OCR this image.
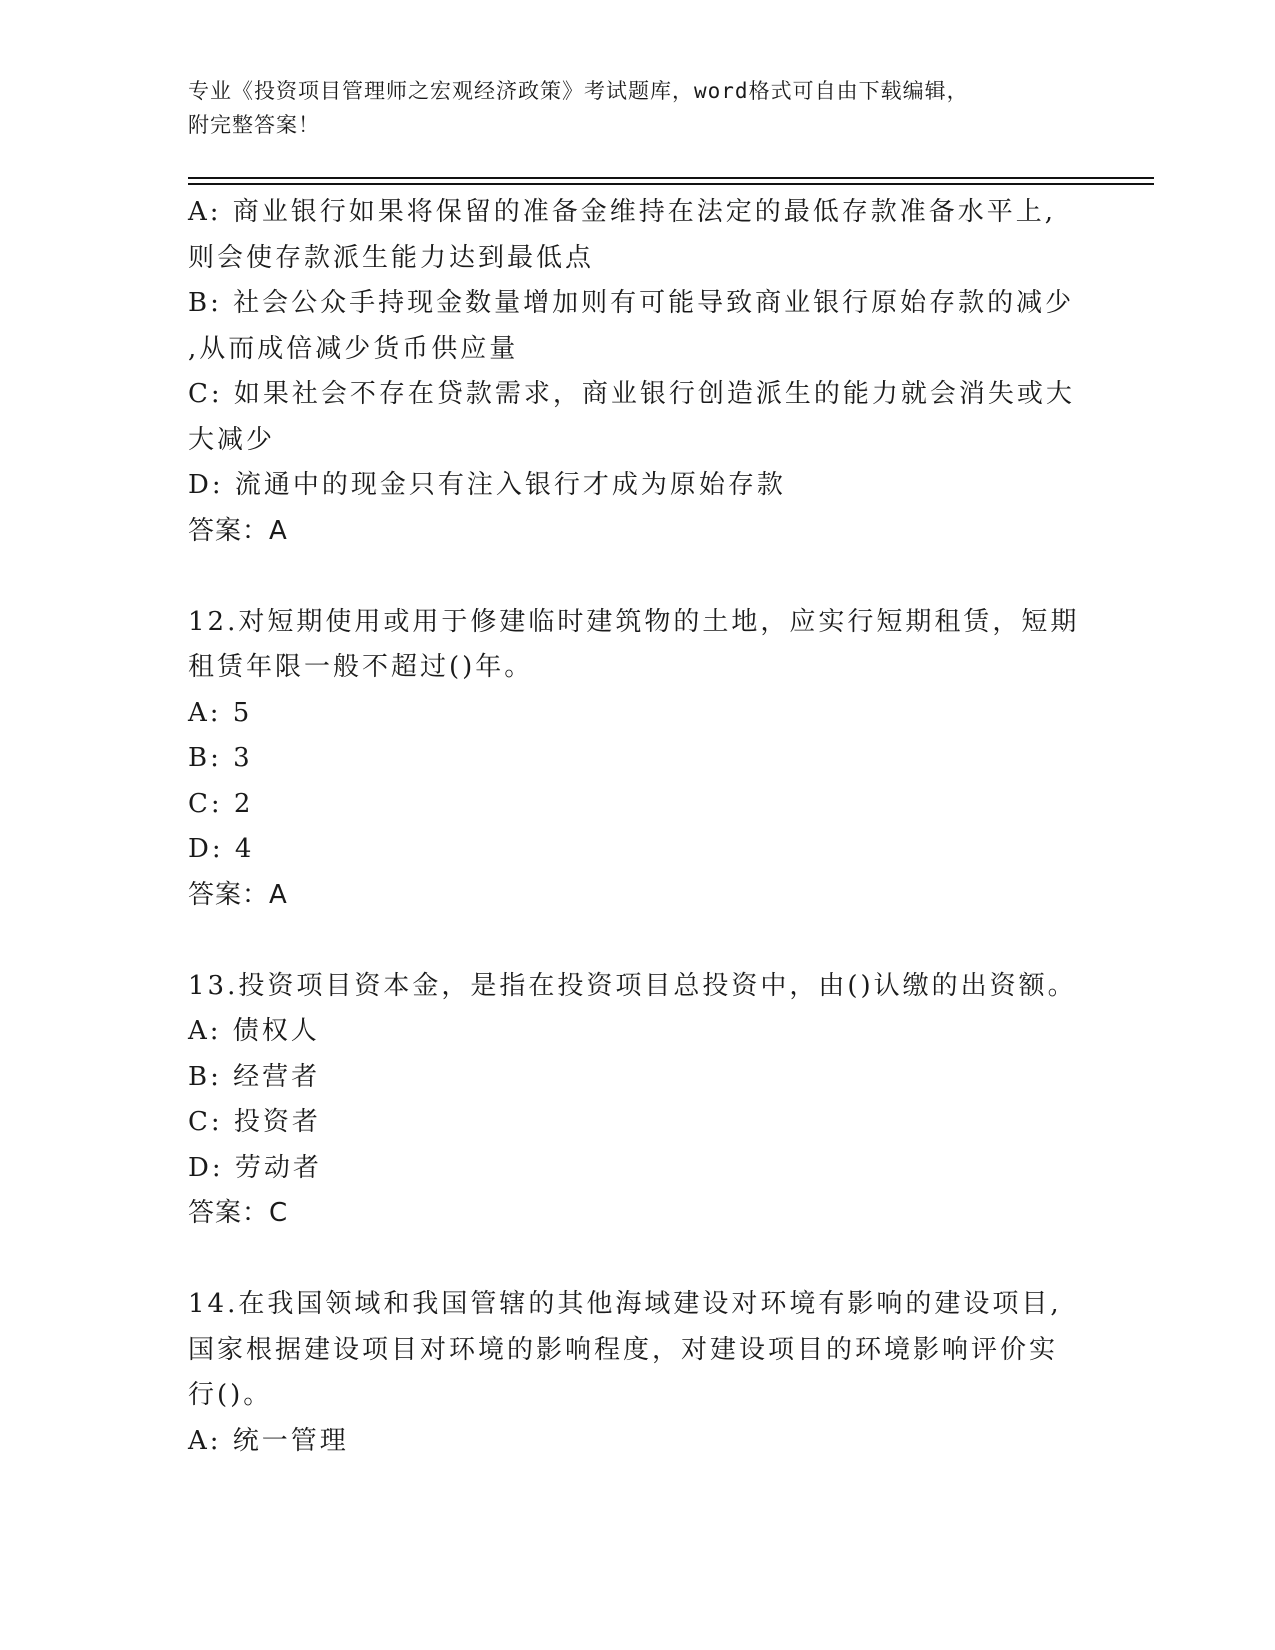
专业《投资项目管理师之宏观经济政策》考试题库，word格式可自由下载编辑，
附完整答案！
A: 商业银行如果将保留的准备金维持在法定的最低存款准备水平上,
则会使存款派生能力达到最低点
B: 社会公众手持现金数量增加则有可能导致商业银行原始存款的减少
,从而成倍减少货币供应量
C: 如果社会不存在贷款需求，商业银行创造派生的能力就会消失或大
大减少
D: 流通中的现金只有注入银行才成为原始存款
答案：A
12.对短期使用或用于修建临时建筑物的土地，应实行短期租赁，短期
租赁年限一般不超过()年。
A: 5
B: 3
C: 2
D: 4
答案：A
13.投资项目资本金，是指在投资项目总投资中，由()认缴的出资额。
A: 债权人
B: 经营者
C: 投资者
D: 劳动者
答案：C
14.在我国领域和我国管辖的其他海域建设对环境有影响的建设项目,
国家根据建设项目对环境的影响程度，对建设项目的环境影响评价实
行()。
A: 统一管理
